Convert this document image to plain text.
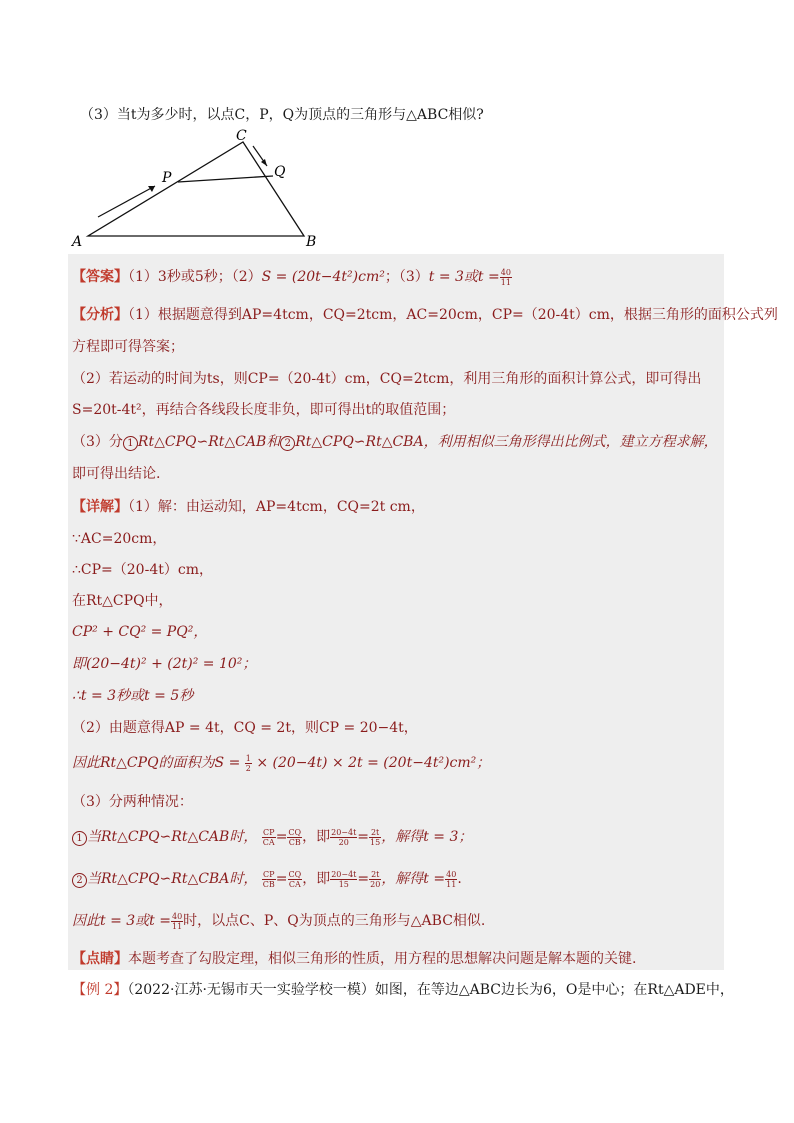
（3）当t为多少时，以点C，P，Q为顶点的三角形与△ABC相似?
A	B
C
P	Q
【答案】（1）3秒或5秒；（2）S = (20t−4t²)cm²；（3）t = 3或$t = \frac{40}{11}$
【分析】（1）根据题意得到AP=4tcm，CQ=2tcm，AC=20cm，CP=（20-4t）cm，根据三角形的面积公式列
方程即可得答案；
（2）若运动的时间为ts，则CP=（20-4t）cm，CQ=2tcm，利用三角形的面积计算公式，即可得出
S=20t-4t²，再结合各线段长度非负，即可得出t的取值范围；
（3）分 1 Rt△CPQ∽Rt△CAB和 2 Rt△CPQ∽Rt△CBA，利用相似三角形得出比例式，建立方程求解，
即可得出结论.
【详解】（1）解：由运动知，AP=4tcm，CQ=2t cm，
∵AC=20cm，
∴CP=（20-4t）cm，
在Rt△CPQ中，
CP² + CQ² = PQ²，
即(20−4t)² + (2t)² = 10²；
∴t = 3秒或t = 5秒
（2）由题意得AP = 4t，CQ = 2t，则CP = 20−4t，
因此Rt△CPQ的面积为$S = \frac{1}{2} \times (20-4t) \times 2t = (20t-4t^2)cm^2$；
（3）分两种情况：
1 当Rt△CPQ∽Rt△CAB时， $\frac{CP}{CA} = \frac{CQ}{CB}$ ，即 $\frac{20-4t}{20} = \frac{2t}{15}$ ，解得t = 3；
2 当Rt△CPQ∽Rt△CBA时， $\frac{CP}{CB} = \frac{CQ}{CA}$ ，即 $\frac{20-4t}{15} = \frac{2t}{20}$ ，解得$t = \frac{40}{11}$ .
因此t = 3或$t = \frac{40}{11}$ 时，以点C、P、Q为顶点的三角形与△ABC相似.
【点睛】本题考查了勾股定理，相似三角形的性质，用方程的思想解决问题是解本题的关键.
【例 2】（2022·江苏·无锡市天一实验学校一模）如图，在等边△ABC边长为6，O是中心；在Rt△ADE中，
